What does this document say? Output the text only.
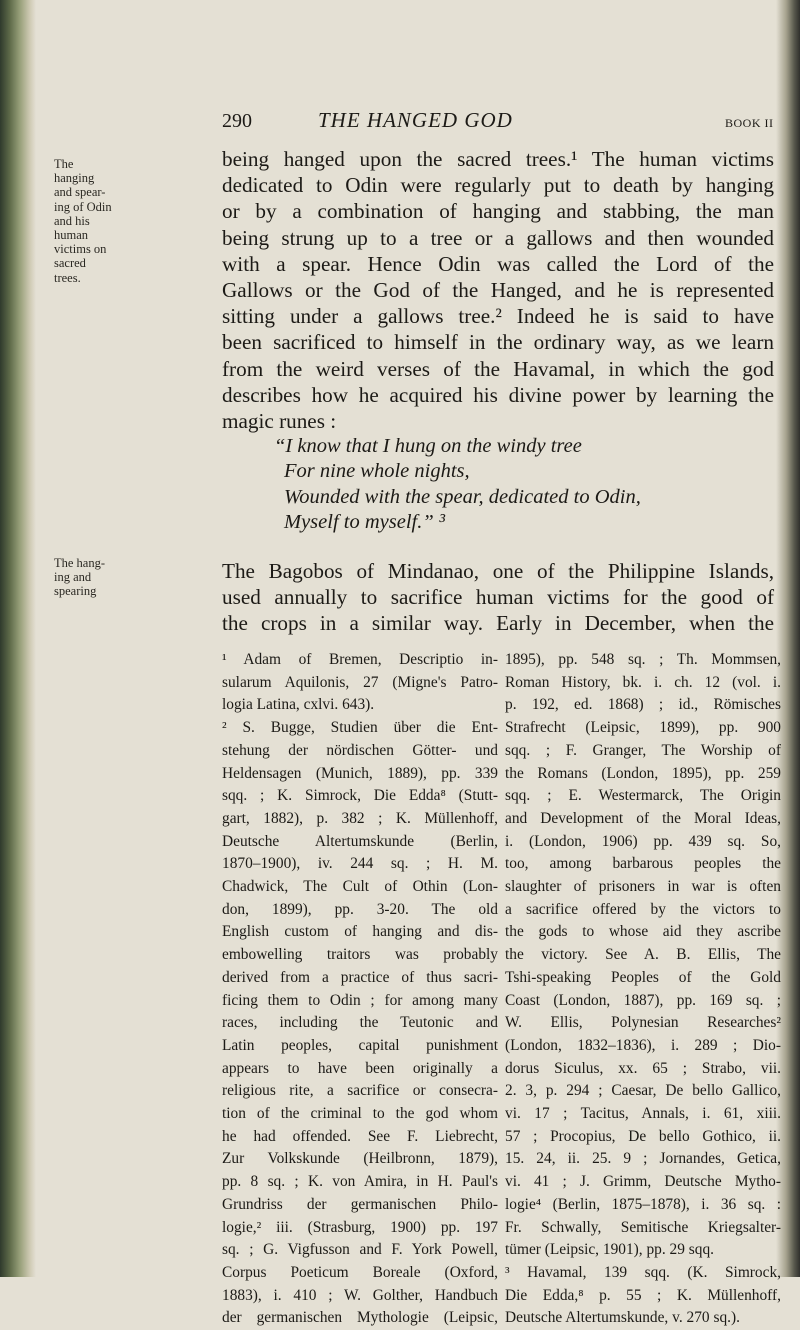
290	THE HANGED GOD	BOOK II
The
hanging
and spear-
ing of Odin
and his
human
victims on
sacred
trees.
The hang-
ing and
spearing
being hanged upon the sacred trees.¹ The human victims
dedicated to Odin were regularly put to death by hanging
or by a combination of hanging and stabbing, the man
being strung up to a tree or a gallows and then wounded
with a spear. Hence Odin was called the Lord of the
Gallows or the God of the Hanged, and he is represented
sitting under a gallows tree.² Indeed he is said to have
been sacrificed to himself in the ordinary way, as we learn
from the weird verses of the Havamal, in which the god
describes how he acquired his divine power by learning the
magic runes :
“I know that I hung on the windy tree
For nine whole nights,
Wounded with the spear, dedicated to Odin,
Myself to myself.” ³
The Bagobos of Mindanao, one of the Philippine Islands,
used annually to sacrifice human victims for the good of
the crops in a similar way. Early in December, when the
¹ Adam of Bremen, Descriptio in-
sularum Aquilonis, 27 (Migne's Patro-
logia Latina, cxlvi. 643).
² S. Bugge, Studien über die Ent-
stehung der nördischen Götter- und
Heldensagen (Munich, 1889), pp. 339
sqq. ; K. Simrock, Die Edda⁸ (Stutt-
gart, 1882), p. 382 ; K. Müllenhoff,
Deutsche Altertumskunde (Berlin,
1870–1900), iv. 244 sq. ; H. M.
Chadwick, The Cult of Othin (Lon-
don, 1899), pp. 3-20. The old
English custom of hanging and dis-
embowelling traitors was probably
derived from a practice of thus sacri-
ficing them to Odin ; for among many
races, including the Teutonic and
Latin peoples, capital punishment
appears to have been originally a
religious rite, a sacrifice or consecra-
tion of the criminal to the god whom
he had offended. See F. Liebrecht,
Zur Volkskunde (Heilbronn, 1879),
pp. 8 sq. ; K. von Amira, in H. Paul's
Grundriss der germanischen Philo-
logie,² iii. (Strasburg, 1900) pp. 197
sq. ; G. Vigfusson and F. York Powell,
Corpus Poeticum Boreale (Oxford,
1883), i. 410 ; W. Golther, Handbuch
der germanischen Mythologie (Leipsic,
1895), pp. 548 sq. ; Th. Mommsen,
Roman History, bk. i. ch. 12 (vol. i.
p. 192, ed. 1868) ; id., Römisches
Strafrecht (Leipsic, 1899), pp. 900
sqq. ; F. Granger, The Worship of
the Romans (London, 1895), pp. 259
sqq. ; E. Westermarck, The Origin
and Development of the Moral Ideas,
i. (London, 1906) pp. 439 sq. So,
too, among barbarous peoples the
slaughter of prisoners in war is often
a sacrifice offered by the victors to
the gods to whose aid they ascribe
the victory. See A. B. Ellis, The
Tshi-speaking Peoples of the Gold
Coast (London, 1887), pp. 169 sq. ;
W. Ellis, Polynesian Researches²
(London, 1832–1836), i. 289 ; Dio-
dorus Siculus, xx. 65 ; Strabo, vii.
2. 3, p. 294 ; Caesar, De bello Gallico,
vi. 17 ; Tacitus, Annals, i. 61, xiii.
57 ; Procopius, De bello Gothico, ii.
15. 24, ii. 25. 9 ; Jornandes, Getica,
vi. 41 ; J. Grimm, Deutsche Mytho-
logie⁴ (Berlin, 1875–1878), i. 36 sq. :
Fr. Schwally, Semitische Kriegsalter-
tümer (Leipsic, 1901), pp. 29 sqq.
³ Havamal, 139 sqq. (K. Simrock,
Die Edda,⁸ p. 55 ; K. Müllenhoff,
Deutsche Altertumskunde, v. 270 sq.).
